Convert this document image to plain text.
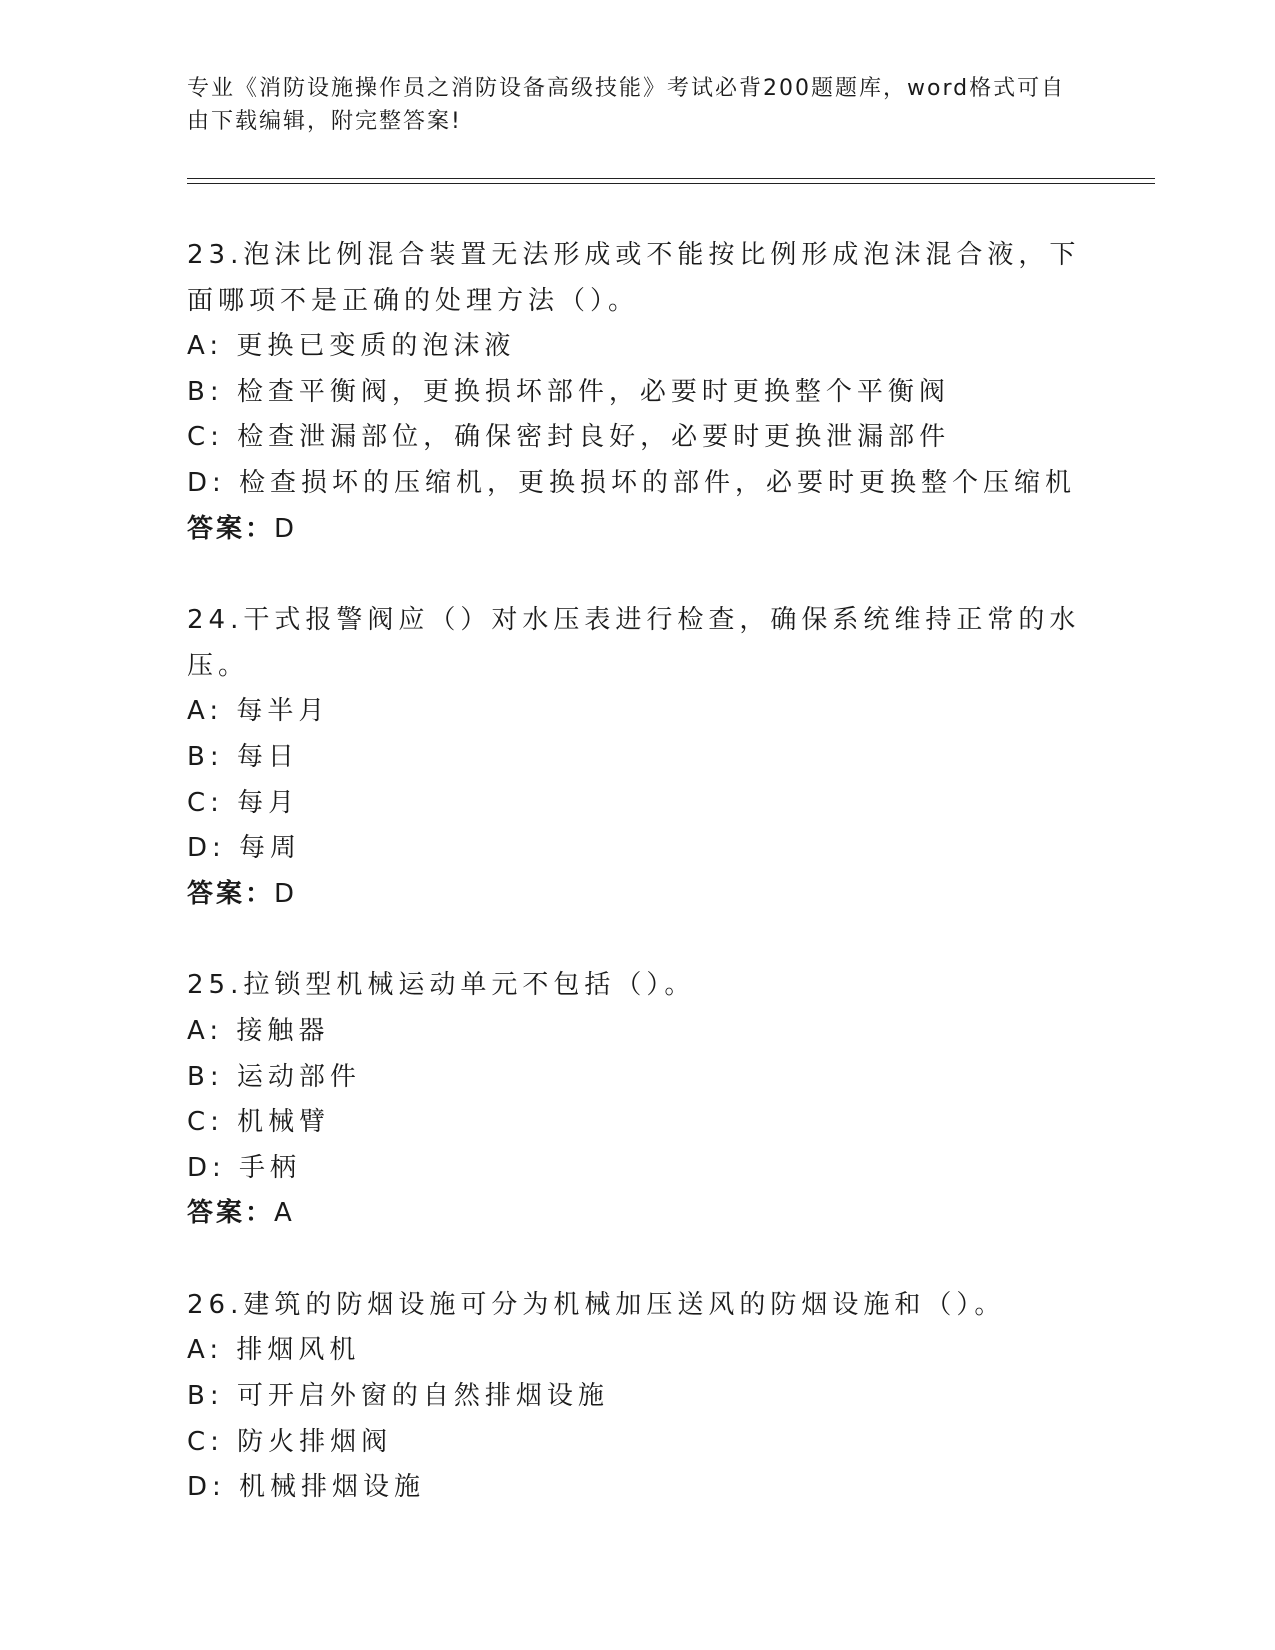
专业《消防设施操作员之消防设备高级技能》考试必背200题题库，word格式可自由下载编辑，附完整答案!
23.泡沫比例混合装置无法形成或不能按比例形成泡沫混合液，下面哪项不是正确的处理方法（）。
A: 更换已变质的泡沫液
B: 检查平衡阀，更换损坏部件，必要时更换整个平衡阀
C: 检查泄漏部位，确保密封良好，必要时更换泄漏部件
D: 检查损坏的压缩机，更换损坏的部件，必要时更换整个压缩机
答案：D
24.干式报警阀应（）对水压表进行检查，确保系统维持正常的水压。
A: 每半月
B: 每日
C: 每月
D: 每周
答案：D
25.拉锁型机械运动单元不包括（）。
A: 接触器
B: 运动部件
C: 机械臂
D: 手柄
答案：A
26.建筑的防烟设施可分为机械加压送风的防烟设施和（）。
A: 排烟风机
B: 可开启外窗的自然排烟设施
C: 防火排烟阀
D: 机械排烟设施
